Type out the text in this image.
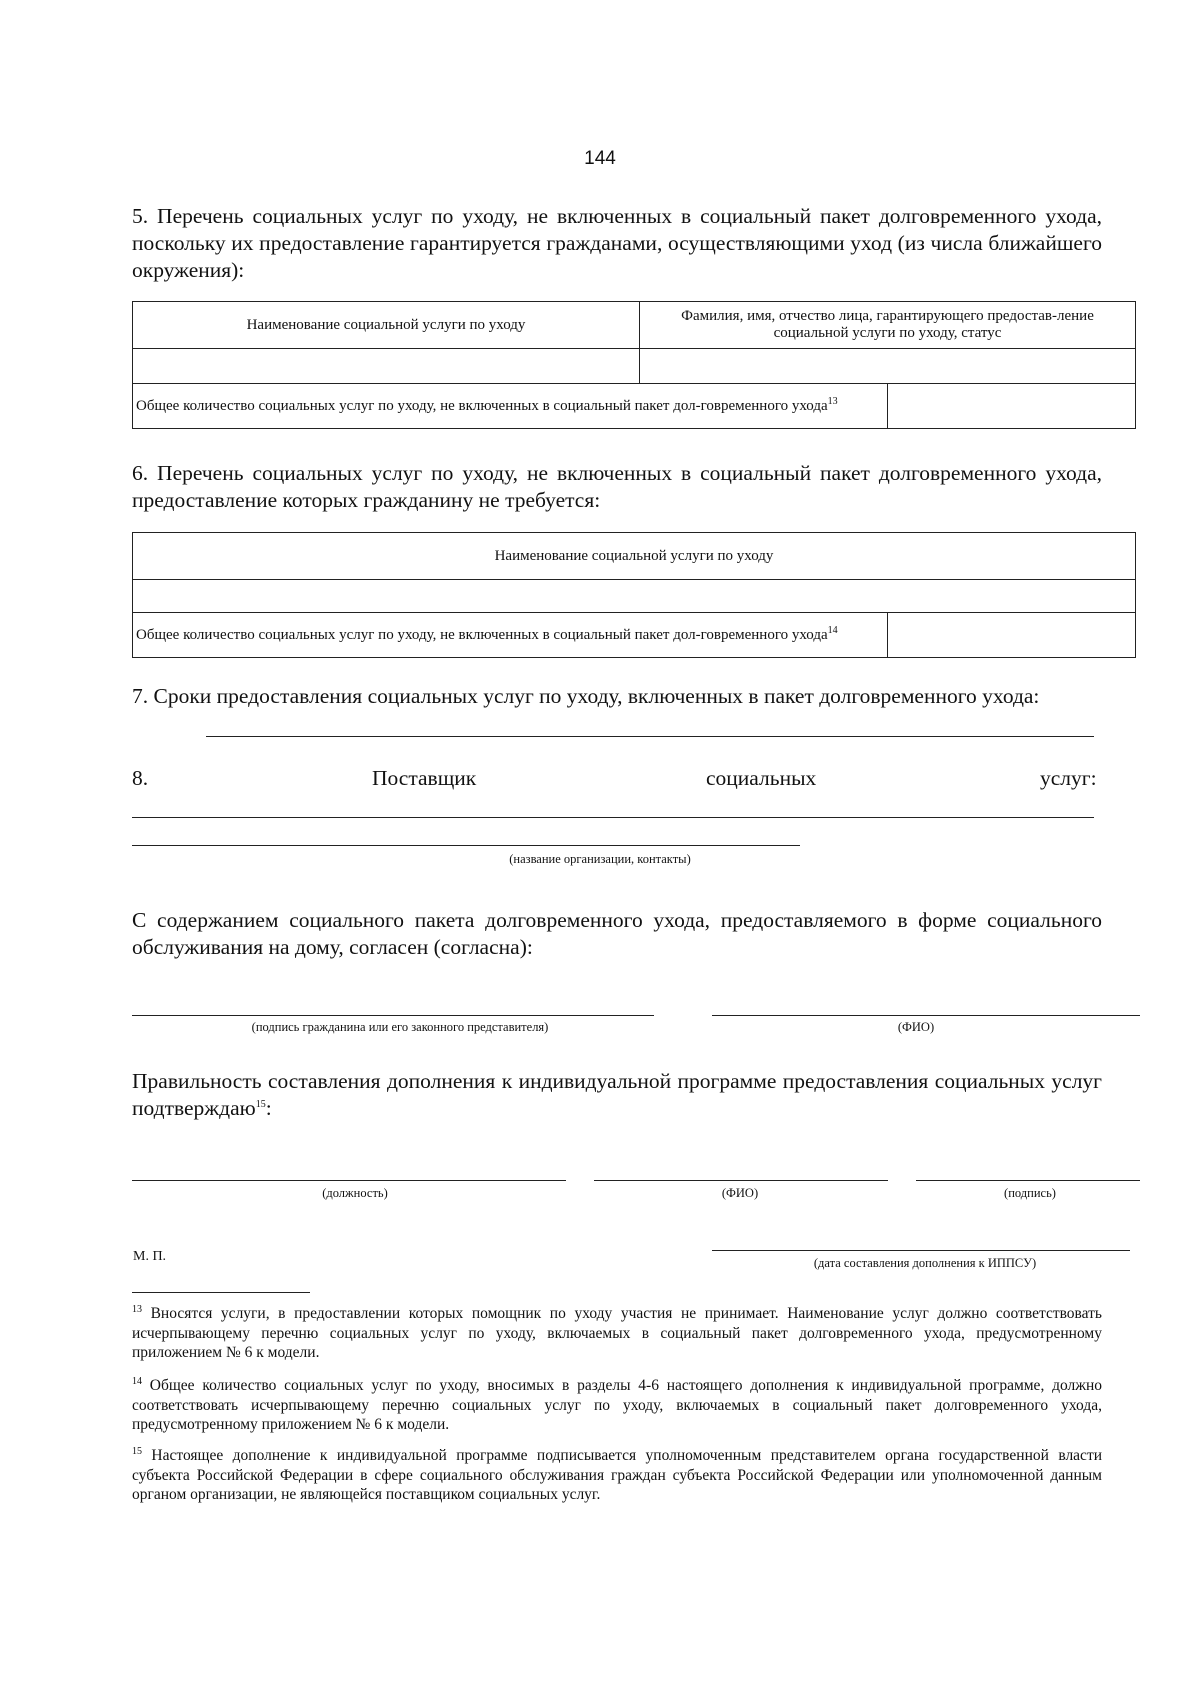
144
5. Перечень социальных услуг по уходу, не включенных в социальный пакет долговременного ухода, поскольку их предоставление гарантируется гражданами, осуществляющими уход (из числа ближайшего окружения):
Наименование социальной услуги по уходу	Фамилия, имя, отчество лица, гарантирующего предостав-ление социальной услуги по уходу, статус	

Общее количество социальных услуг по уходу, не включенных в социальный пакет дол-говременного ухода$^{13}$	

6. Перечень социальных услуг по уходу, не включенных в социальный пакет долговременного ухода, предоставление которых гражданину не требуется:
Наименование социальной услуги по уходу

Общее количество социальных услуг по уходу, не включенных в социальный пакет дол-говременного ухода$^{14}$	
7. Сроки предоставления социальных услуг по уходу, включенных в пакет долговременного ухода:
8.	Поставщик	социальных	услуг:
(название организации, контакты)
С содержанием социального пакета долговременного ухода, предоставляемого в форме социального обслуживания на дому, согласен (согласна):
(подпись гражданина или его законного представителя)	(ФИО)
Правильность составления дополнения к индивидуальной программе предоставления социальных услуг подтверждаю$^{15}$:
(должность)	(ФИО)	(подпись)
М. П.	(дата составления дополнения к ИППСУ)
$^{13}$ Вносятся услуги, в предоставлении которых помощник по уходу участия не принимает. Наименование услуг должно соответствовать исчерпывающему перечню социальных услуг по уходу, включаемых в социальный пакет долговременного ухода, предусмотренному приложением № 6 к модели.
$^{14}$ Общее количество социальных услуг по уходу, вносимых в разделы 4-6 настоящего дополнения к индивидуальной программе, должно соответствовать исчерпывающему перечню социальных услуг по уходу, включаемых в социальный пакет долговременного ухода, предусмотренному приложением № 6 к модели.
$^{15}$ Настоящее дополнение к индивидуальной программе подписывается уполномоченным представителем органа государственной власти субъекта Российской Федерации в сфере социального обслуживания граждан субъекта Российской Федерации или уполномоченной данным органом организации, не являющейся поставщиком социальных услуг.
